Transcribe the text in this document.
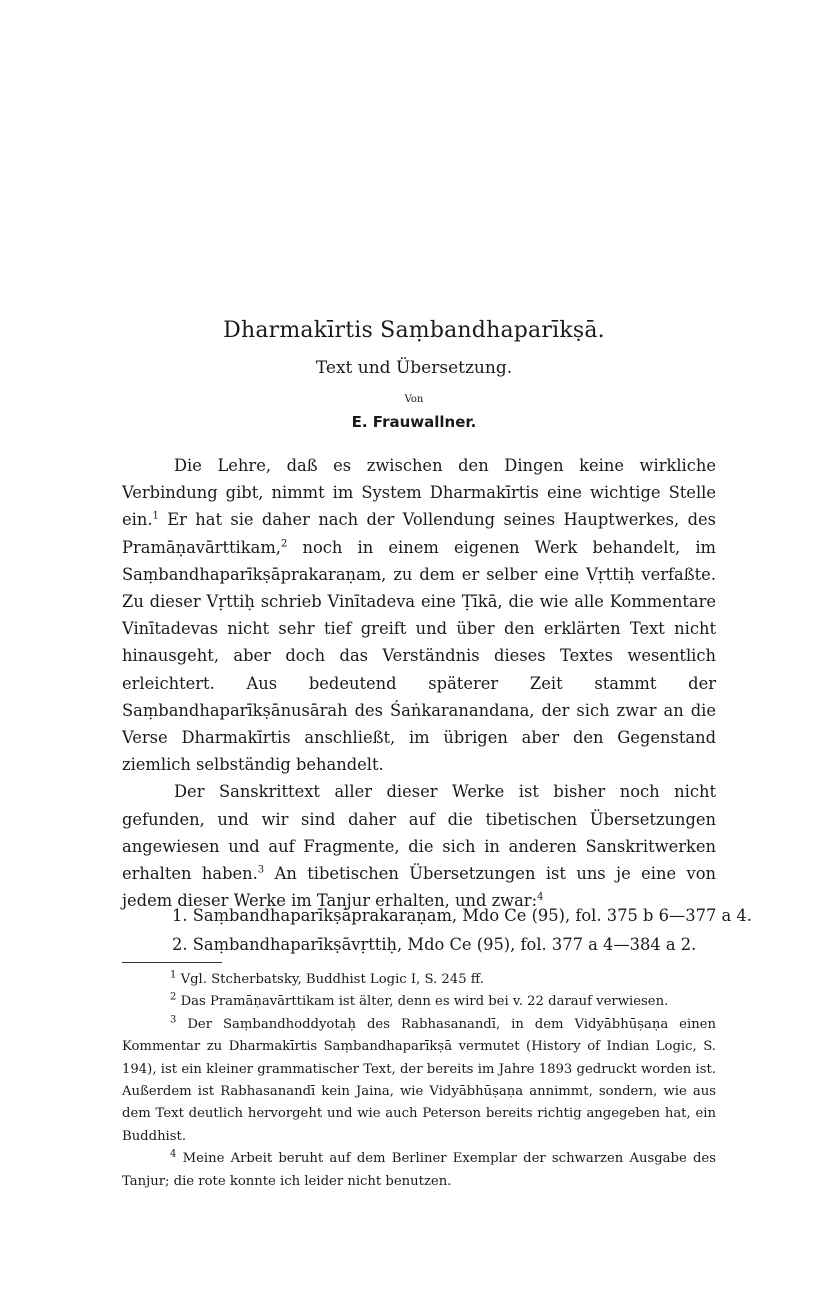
Dharmakīrtis Saṃbandhaparīkṣā.
Text und Übersetzung.
Von
E. Frauwallner.

Die Lehre, daß es zwischen den Dingen keine wirkliche Verbindung gibt, nimmt im System Dharmakīrtis eine wichtige Stelle ein.$^1$ Er hat sie daher nach der Vollendung seines Hauptwerkes, des Pramāṇavārttikam,$^2$ noch in einem eigenen Werk behandelt, im Saṃbandhaparīkṣāprakaraṇam, zu dem er selber eine Vṛttiḥ verfaßte. Zu dieser Vṛttiḥ schrieb Vinītadeva eine Ṭīkā, die wie alle Kommentare Vinītadevas nicht sehr tief greift und über den erklärten Text nicht hinausgeht, aber doch das Verständnis dieses Textes wesentlich erleichtert. Aus bedeutend späterer Zeit stammt der Saṃbandhaparīkṣānusārah des Śaṅkaranandana, der sich zwar an die Verse Dharmakīrtis anschließt, im übrigen aber den Gegenstand ziemlich selbständig behandelt.

Der Sanskrittext aller dieser Werke ist bisher noch nicht gefunden, und wir sind daher auf die tibetischen Übersetzungen angewiesen und auf Fragmente, die sich in anderen Sanskritwerken erhalten haben.$^3$ An tibetischen Übersetzungen ist uns je eine von jedem dieser Werke im Tanjur erhalten, und zwar:$^4$

1. Saṃbandhaparīkṣāprakaraṇam, Mdo Ce (95), fol. 375 b 6—377 a 4.
2. Saṃbandhaparīkṣāvṛttiḥ, Mdo Ce (95), fol. 377 a 4—384 a 2.

$^1$ Vgl. Stcherbatsky, Buddhist Logic I, S. 245 ff.

$^2$ Das Pramāṇavārttikam ist älter, denn es wird bei v. 22 darauf verwiesen.

$^3$ Der Saṃbandhoddyotaḥ des Rabhasanandī, in dem Vidyābhūṣaṇa einen Kommentar zu Dharmakīrtis Saṃbandhaparīkṣā vermutet (History of Indian Logic, S. 194), ist ein kleiner grammatischer Text, der bereits im Jahre 1893 gedruckt worden ist. Außerdem ist Rabhasanandī kein Jaina, wie Vidyābhūṣaṇa annimmt, sondern, wie aus dem Text deutlich hervorgeht und wie auch Peterson bereits richtig angegeben hat, ein Buddhist.

$^4$ Meine Arbeit beruht auf dem Berliner Exemplar der schwarzen Ausgabe des Tanjur; die rote konnte ich leider nicht benutzen.
